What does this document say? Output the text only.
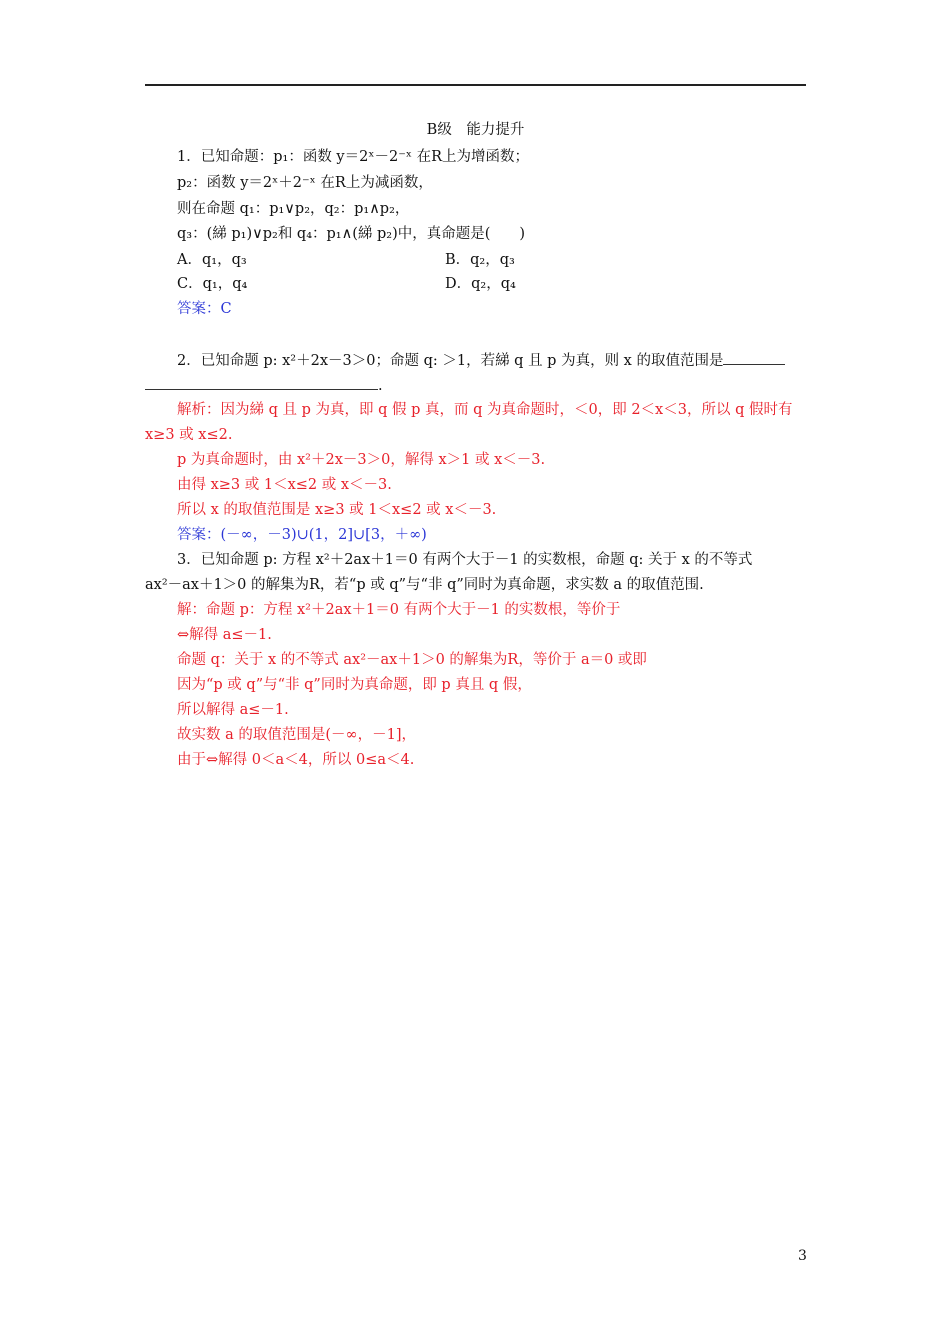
B级　能力提升
1．已知命题：p₁：函数 y＝2ˣ－2⁻ˣ 在R上为增函数；
p₂：函数 y＝2ˣ＋2⁻ˣ 在R上为减函数，
则在命题 q₁：p₁∨p₂，q₂：p₁∧p₂，
q₃：(綈 p₁)∨p₂和 q₄：p₁∧(綈 p₂)中，真命题是(　　)
A．q₁，q₃	B．q₂，q₃
C．q₁，q₄	D．q₂，q₄
答案：C
2．已知命题 p: x²＋2x－3＞0；命题 q: ＞1，若綈 q 且 p 为真，则 x 的取值范围是
.
解析：因为綈 q 且 p 为真，即 q 假 p 真，而 q 为真命题时，＜0，即 2＜x＜3，所以 q 假时有
x≥3 或 x≤2.
p 为真命题时，由 x²＋2x－3＞0，解得 x＞1 或 x＜－3.
由得 x≥3 或 1＜x≤2 或 x＜－3.
所以 x 的取值范围是 x≥3 或 1＜x≤2 或 x＜－3.
答案：(－∞，－3)∪(1，2]∪[3，＋∞)
3．已知命题 p: 方程 x²＋2ax＋1＝0 有两个大于－1 的实数根，命题 q: 关于 x 的不等式
ax²－ax＋1＞0 的解集为R，若“p 或 q”与“非 q”同时为真命题，求实数 a 的取值范围.
解：命题 p：方程 x²＋2ax＋1＝0 有两个大于－1 的实数根，等价于
⇔解得 a≤－1.
命题 q：关于 x 的不等式 ax²－ax＋1＞0 的解集为R，等价于 a＝0 或即
因为“p 或 q”与“非 q”同时为真命题，即 p 真且 q 假，
所以解得 a≤－1.
故实数 a 的取值范围是(－∞，－1]，
由于⇔解得 0＜a＜4，所以 0≤a＜4.
3
